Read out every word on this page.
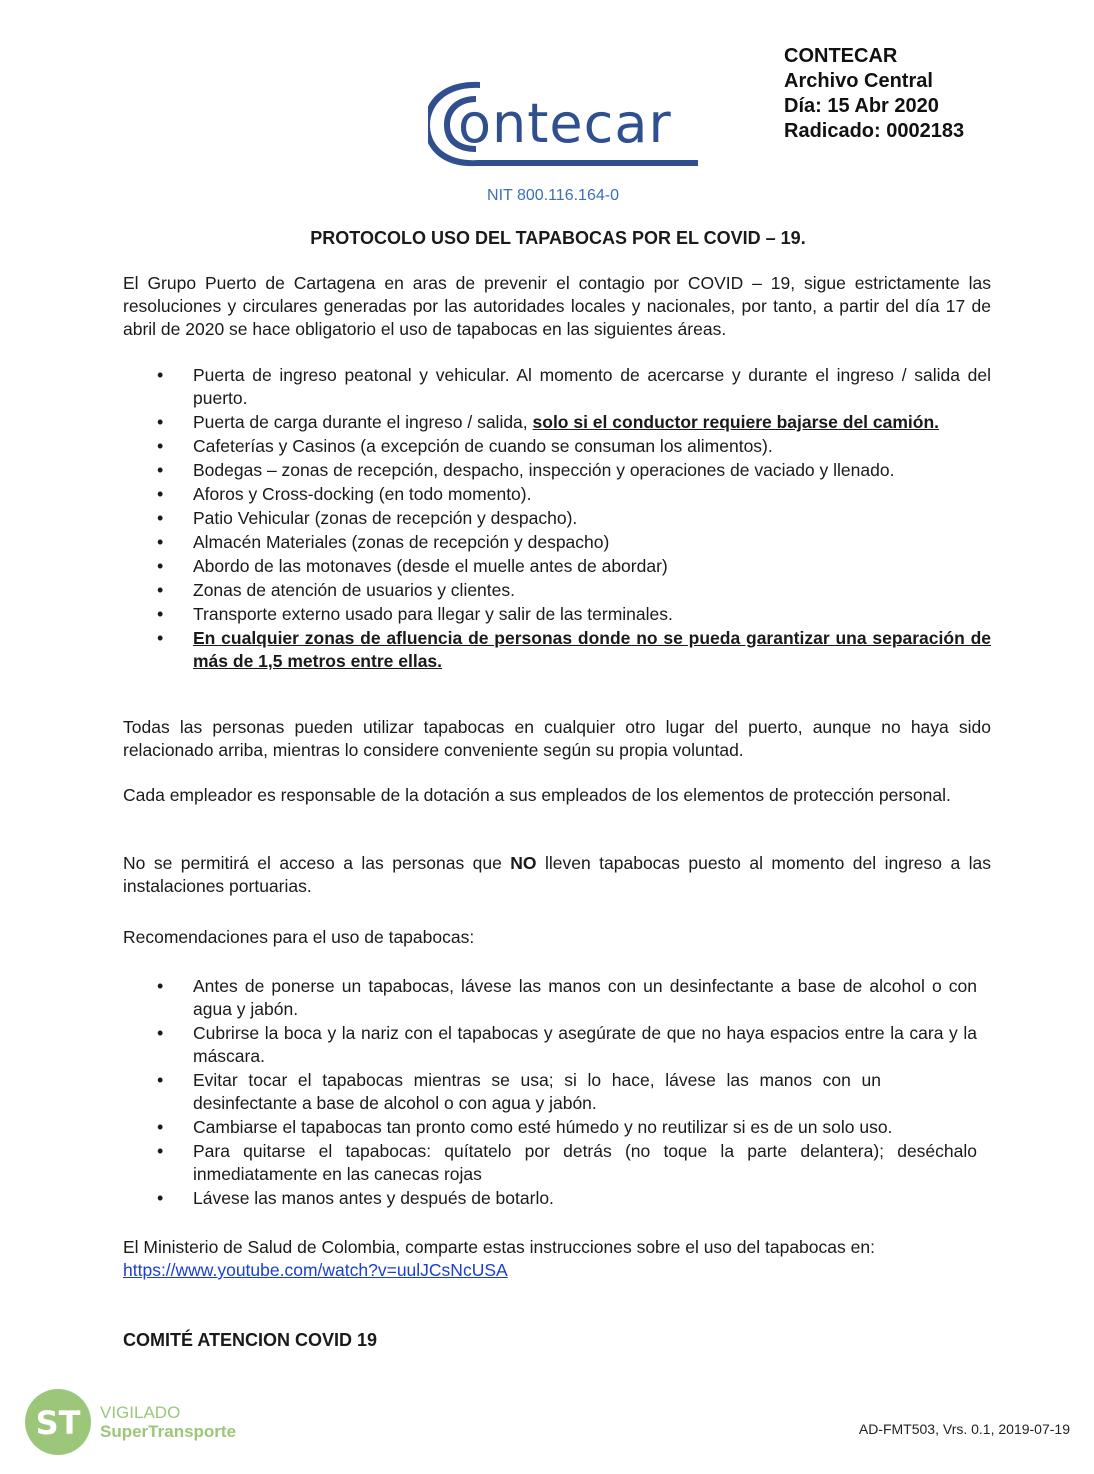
CONTECAR
Archivo Central
Día: 15 Abr 2020
Radicado: 0002183
ontecar
NIT 800.116.164-0
PROTOCOLO USO DEL TAPABOCAS POR EL COVID – 19.
El Grupo Puerto de Cartagena en aras de prevenir el contagio por COVID – 19, sigue estrictamente las resoluciones y circulares generadas por las autoridades locales y nacionales, por tanto, a partir del día 17 de abril de 2020 se hace obligatorio el uso de tapabocas en las siguientes áreas.
• Puerta de ingreso peatonal y vehicular. Al momento de acercarse y durante el ingreso / salida del puerto.
• Puerta de carga durante el ingreso / salida, solo si el conductor requiere bajarse del camión.
• Cafeterías y Casinos (a excepción de cuando se consuman los alimentos).
• Bodegas – zonas de recepción, despacho, inspección y operaciones de vaciado y llenado.
• Aforos y Cross-docking (en todo momento).
• Patio Vehicular (zonas de recepción y despacho).
• Almacén Materiales (zonas de recepción y despacho)
• Abordo de las motonaves (desde el muelle antes de abordar)
• Zonas de atención de usuarios y clientes.
• Transporte externo usado para llegar y salir de las terminales.
• En cualquier zonas de afluencia de personas donde no se pueda garantizar una separación de más de 1,5 metros entre ellas.
Todas las personas pueden utilizar tapabocas en cualquier otro lugar del puerto, aunque no haya sido relacionado arriba, mientras lo considere conveniente según su propia voluntad.
Cada empleador es responsable de la dotación a sus empleados de los elementos de protección personal.
No se permitirá el acceso a las personas que NO lleven tapabocas puesto al momento del ingreso a las instalaciones portuarias.
Recomendaciones para el uso de tapabocas:
• Antes de ponerse un tapabocas, lávese las manos con un desinfectante a base de alcohol o con agua y jabón.
• Cubrirse la boca y la nariz con el tapabocas y asegúrate de que no haya espacios entre la cara y la máscara.
• Evitar tocar el tapabocas mientras se usa; si lo hace, lávese las manos con un desinfectante a base de alcohol o con agua y jabón.
• Cambiarse el tapabocas tan pronto como esté húmedo y no reutilizar si es de un solo uso.
• Para quitarse el tapabocas: quítatelo por detrás (no toque la parte delantera); deséchalo inmediatamente en las canecas rojas
• Lávese las manos antes y después de botarlo.
El Ministerio de Salud de Colombia, comparte estas instrucciones sobre el uso del tapabocas en:
https://www.youtube.com/watch?v=uulJCsNcUSA
COMITÉ ATENCION COVID 19
ST VIGILADO
SuperTransporte	AD-FMT503, Vrs. 0.1, 2019-07-19
